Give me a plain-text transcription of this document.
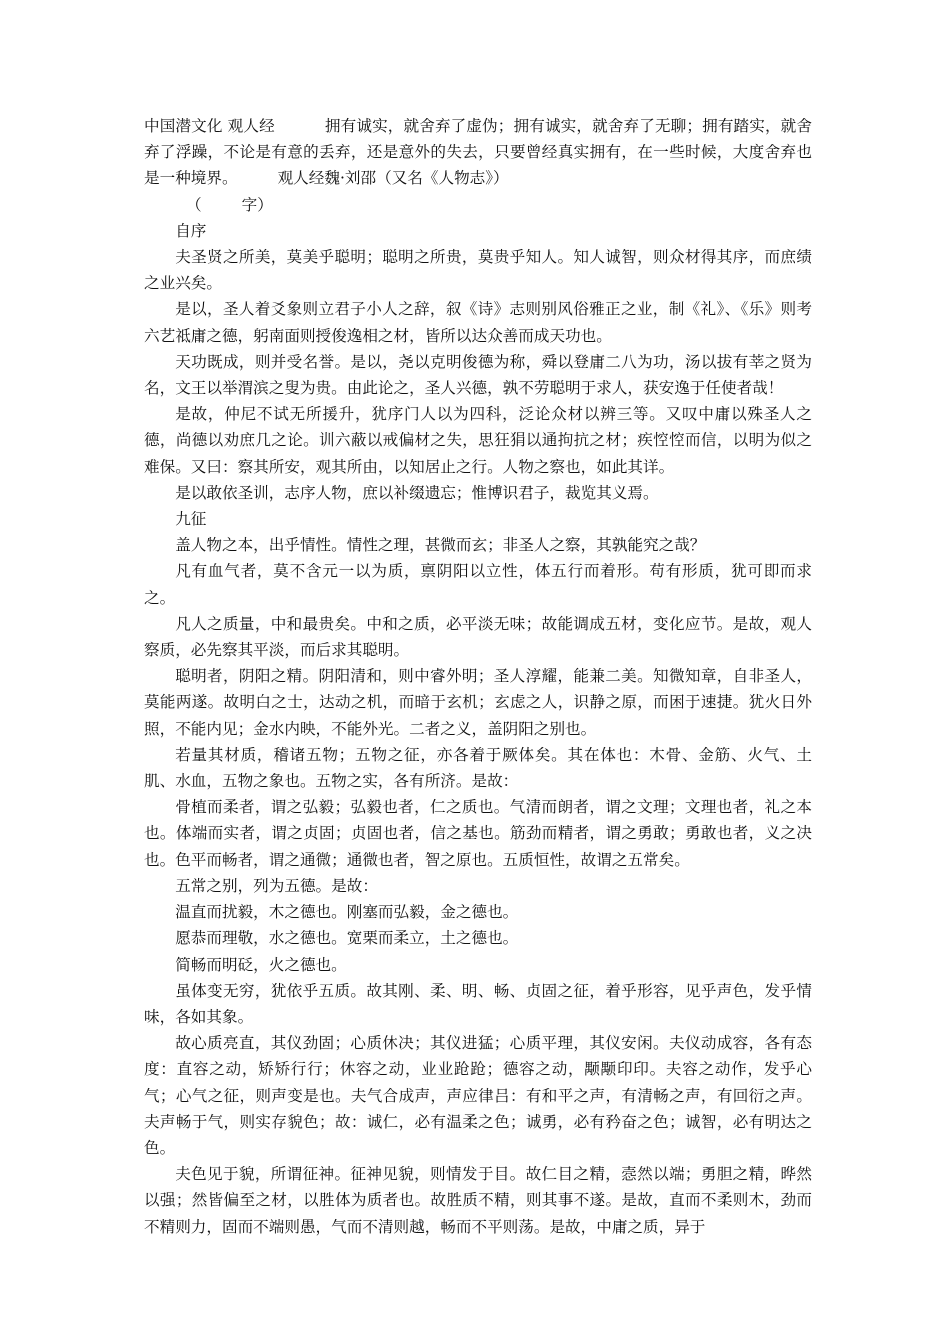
中国潜文化 观人经	拥有诚实，就舍弃了虚伪；拥有诚实，就舍弃了无聊；拥有踏实，就舍弃了浮躁，不论是有意的丢弃，还是意外的失去，只要曾经真实拥有，在一些时候，大度舍弃也是一种境界。	观人经魏·刘邵（又名《人物志》）

（	字）

自序

夫圣贤之所美，莫美乎聪明；聪明之所贵，莫贵乎知人。知人诚智，则众材得其序，而庶绩之业兴矣。

是以，圣人着爻象则立君子小人之辞，叙《诗》志则别风俗雅正之业，制《礼》、《乐》则考六艺祗庸之德，躬南面则授俊逸相之材，皆所以达众善而成天功也。

天功既成，则并受名誉。是以，尧以克明俊德为称，舜以登庸二八为功，汤以拔有莘之贤为名，文王以举渭滨之叟为贵。由此论之，圣人兴德，孰不劳聪明于求人，获安逸于任使者哉！

是故，仲尼不试无所援升，犹序门人以为四科，泛论众材以辨三等。又叹中庸以殊圣人之德，尚德以劝庶几之论。训六蔽以戒偏材之失，思狂狷以通拘抗之材；疾悾悾而信，以明为似之难保。又曰：察其所安，观其所由，以知居止之行。人物之察也，如此其详。

是以敢依圣训，志序人物，庶以补缀遗忘；惟博识君子，裁览其义焉。

九征

盖人物之本，出乎情性。情性之理，甚微而玄；非圣人之察，其孰能究之哉？

凡有血气者，莫不含元一以为质，禀阴阳以立性，体五行而着形。苟有形质，犹可即而求之。

凡人之质量，中和最贵矣。中和之质，必平淡无味；故能调成五材，变化应节。是故，观人察质，必先察其平淡，而后求其聪明。

聪明者，阴阳之精。阴阳清和，则中睿外明；圣人淳耀，能兼二美。知微知章，自非圣人，莫能两遂。故明白之士，达动之机，而暗于玄机；玄虑之人，识静之原，而困于速捷。犹火日外照，不能内见；金水内映，不能外光。二者之义，盖阴阳之别也。

若量其材质，稽诸五物；五物之征，亦各着于厥体矣。其在体也：木骨、金筋、火气、土肌、水血，五物之象也。五物之实，各有所济。是故：

骨植而柔者，谓之弘毅；弘毅也者，仁之质也。气清而朗者，谓之文理；文理也者，礼之本也。体端而实者，谓之贞固；贞固也者，信之基也。筋劲而精者，谓之勇敢；勇敢也者，义之决也。色平而畅者，谓之通微；通微也者，智之原也。五质恒性，故谓之五常矣。

五常之别，列为五德。是故：

温直而扰毅，木之德也。刚塞而弘毅，金之德也。

愿恭而理敬，水之德也。宽栗而柔立，土之德也。

简畅而明砭，火之德也。

虽体变无穷，犹依乎五质。故其刚、柔、明、畅、贞固之征，着乎形容，见乎声色，发乎情味，各如其象。

故心质亮直，其仪劲固；心质休决；其仪进猛；心质平理，其仪安闲。夫仪动成容，各有态度：直容之动，矫矫行行；休容之动，业业跄跄；德容之动，颙颙印印。夫容之动作，发乎心气；心气之征，则声变是也。夫气合成声，声应律吕：有和平之声，有清畅之声，有回衍之声。夫声畅于气，则实存貌色；故：诚仁，必有温柔之色；诚勇，必有矜奋之色；诚智，必有明达之色。

夫色见于貌，所谓征神。征神见貌，则情发于目。故仁目之精，悫然以端；勇胆之精，晔然以强；然皆偏至之材，以胜体为质者也。故胜质不精，则其事不遂。是故，直而不柔则木，劲而不精则力，固而不端则愚，气而不清则越，畅而不平则荡。是故，中庸之质，异于
